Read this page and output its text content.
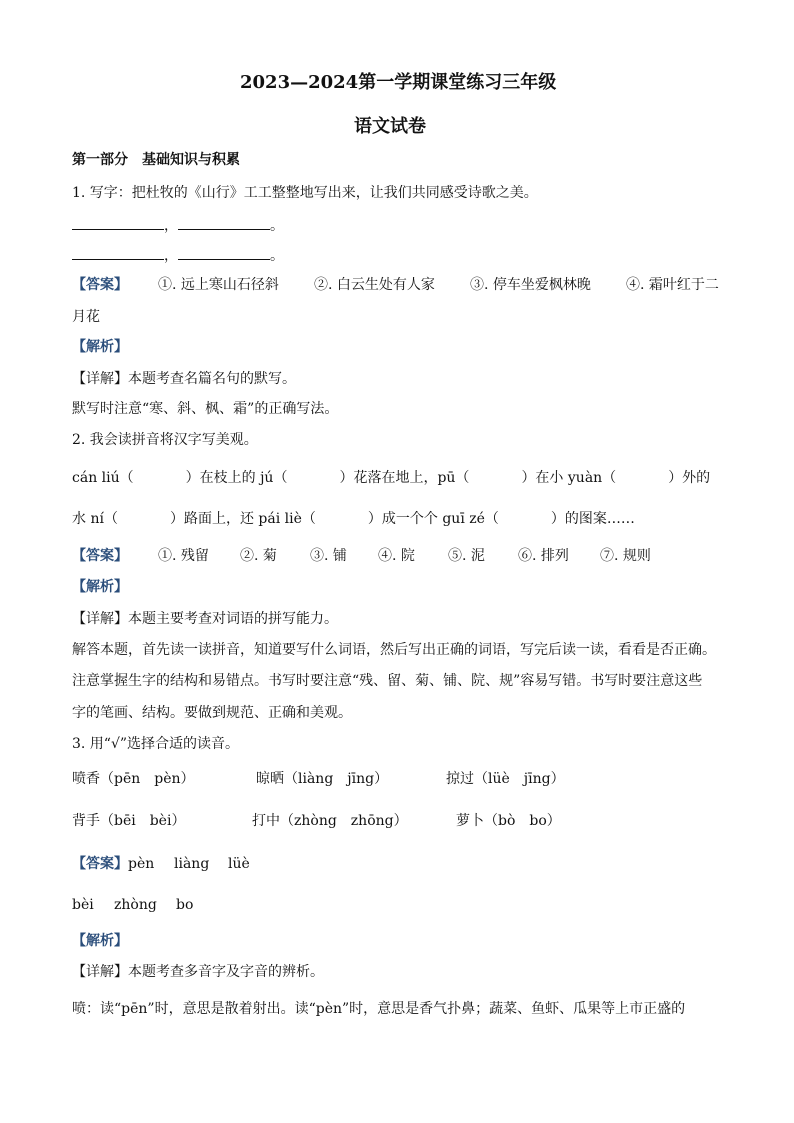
2023—2024第一学期课堂练习三年级
语文试卷
第一部分　基础知识与积累
1. 写字：把杜牧的《山行》工工整整地写出来，让我们共同感受诗歌之美。
，	。
，	。
【答案】 ①. 远上寒山石径斜	②. 白云生处有人家	③. 停车坐爱枫林晚	④. 霜叶红于二
月花
【解析】
【详解】本题考查名篇名句的默写。
默写时注意“寒、斜、枫、霜”的正确写法。
2. 我会读拼音将汉字写美观。
cán liú（	）在枝上的 jú（	）花落在地上，pū（	）在小 yuàn（	）外的
水 ní（	）路面上，还 pái liè（	）成一个个 guī zé（	）的图案……
【答案】 ①. 残留 ②. 菊 ③. 铺 ④. 院 ⑤. 泥 ⑥. 排列 ⑦. 规则
【解析】
【详解】本题主要考查对词语的拼写能力。
解答本题，首先读一读拼音，知道要写什么词语，然后写出正确的词语，写完后读一读，看看是否正确。
注意掌握生字的结构和易错点。书写时要注意“残、留、菊、铺、院、规”容易写错。书写时要注意这些
字的笔画、结构。要做到规范、正确和美观。
3. 用“√”选择合适的读音。
喷香（pēn　pèn）	晾晒（liàng　jīng）	掠过（lüè　jīng）
背手（bēi　bèi）	打中（zhòng　zhōng）	萝卜（bò　bo）
【答案】 pèn liàng lüè
bèi zhòng bo
【解析】
【详解】本题考查多音字及字音的辨析。
喷：读“pēn”时，意思是散着射出。读“pèn”时，意思是香气扑鼻；蔬菜、鱼虾、瓜果等上市正盛的
